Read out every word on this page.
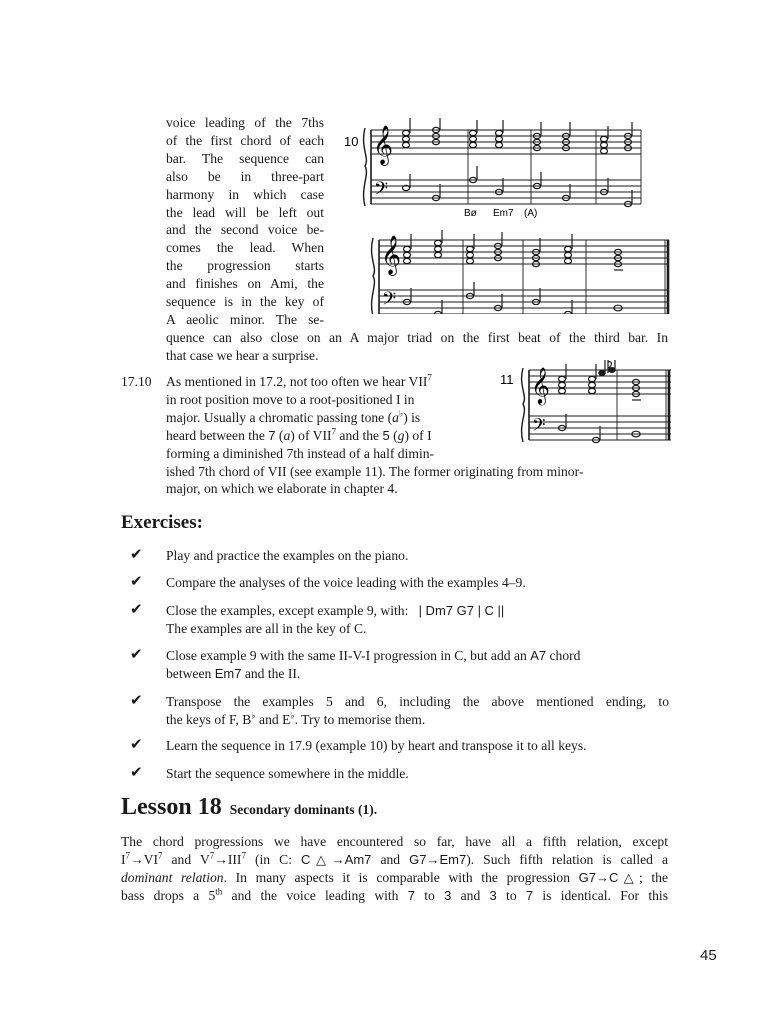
voice leading of the 7ths
of the first chord of each
bar. The sequence can
also be in three-part
harmony in which case
the lead will be left out
and the second voice be-
comes the lead. When
the progression starts
and finishes on Ami, the
sequence is in the key of
A aeolic minor. The se-
quence can also close on an A major triad on the first beat of the third bar. In
that case we hear a surprise.
10 𝄞
𝄢
Bø Em7 (A)
𝄞
𝄢
17.10 As mentioned in 17.2, not too often we hear VII$^7$
in root position move to a root-positioned I in
major. Usually a chromatic passing tone (a♭) is
heard between the 7 (a) of VII$^7$ and the 5 (g) of I
forming a diminished 7th instead of a half dimin-
ished 7th chord of VII (see example 11). The former originating from minor-
major, on which we elaborate in chapter 4.
11 𝄞
𝄢
Exercises:
✔ Play and practice the examples on the piano.
✔ Compare the analyses of the voice leading with the examples 4–9.
✔ Close the examples, except example 9, with: | Dm7 G7 | C ||
The examples are all in the key of C.
✔ Close example 9 with the same II-V-I progression in C, but add an A7 chord
between Em7 and the II.
✔ Transpose the examples 5 and 6, including the above mentioned ending, to
the keys of F, B♭ and E♭. Try to memorise them.
✔ Learn the sequence in 17.9 (example 10) by heart and transpose it to all keys.
✔ Start the sequence somewhere in the middle.
Lesson 18 Secondary dominants (1).
The chord progressions we have encountered so far, have all a fifth relation, except
$I^7\to VI^7$ and $V^7\to III^7$ (in C: C△→Am7 and G7→Em7). Such fifth relation is called a
dominant relation. In many aspects it is comparable with the progression G7→C△; the
bass drops a 5th and the voice leading with 7 to 3 and 3 to 7 is identical. For this
45
